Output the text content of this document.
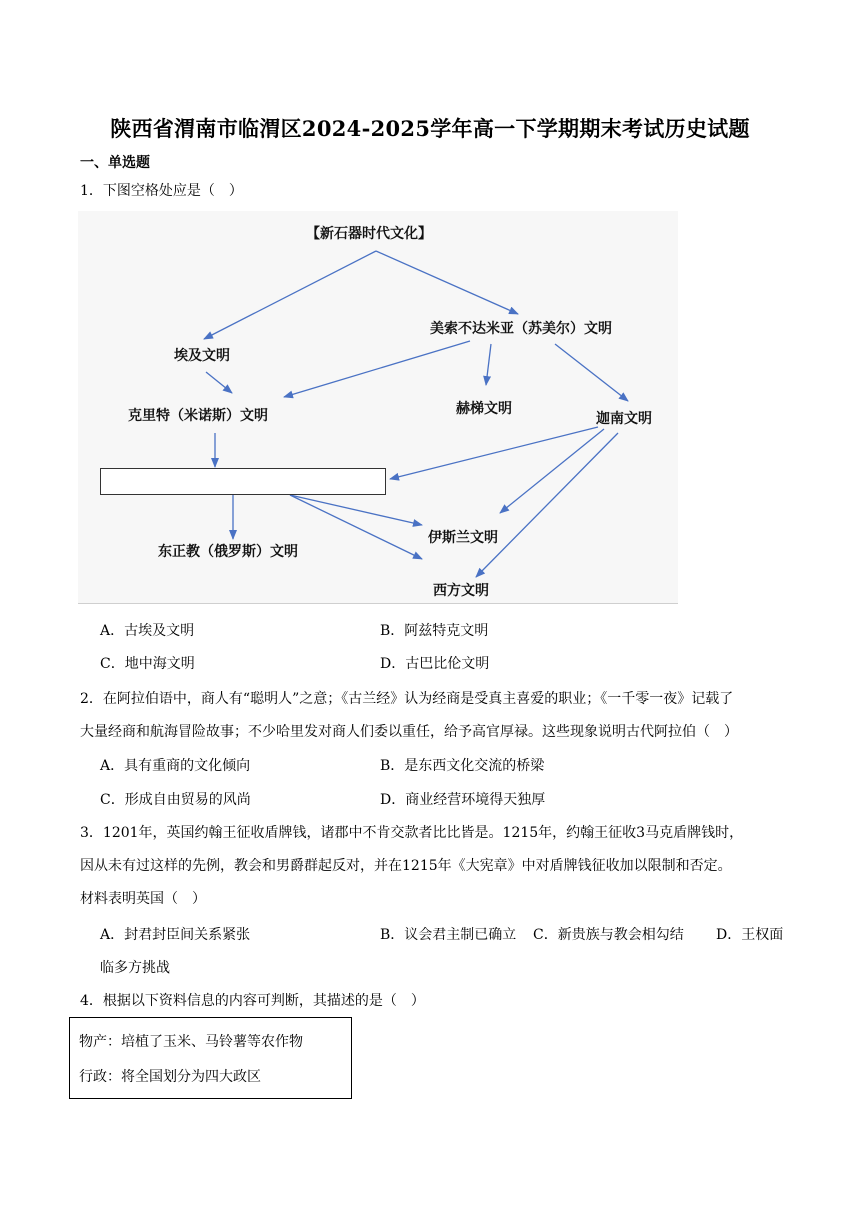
陕西省渭南市临渭区2024-2025学年高一下学期期末考试历史试题
一、单选题
1．下图空格处应是（　）
【新石器时代文化】
埃及文明
美索不达米亚（苏美尔）文明
克里特（米诺斯）文明	赫梯文明
迦南文明
东正教（俄罗斯）文明
伊斯兰文明
西方文明
A．古埃及文明	B．阿兹特克文明
C．地中海文明	D．古巴比伦文明
2．在阿拉伯语中，商人有“聪明人”之意；《古兰经》认为经商是受真主喜爱的职业；《一千零一夜》记载了
大量经商和航海冒险故事；不少哈里发对商人们委以重任，给予高官厚禄。这些现象说明古代阿拉伯（　）
A．具有重商的文化倾向	B．是东西文化交流的桥梁
C．形成自由贸易的风尚	D．商业经营环境得天独厚
3．1201年，英国约翰王征收盾牌钱，诸郡中不肯交款者比比皆是。1215年，约翰王征收3马克盾牌钱时，
因从未有过这样的先例，教会和男爵群起反对，并在1215年《大宪章》中对盾牌钱征收加以限制和否定。
材料表明英国（　）
A．封君封臣间关系紧张	B．议会君主制已确立 C．新贵族与教会相勾结 D．王权面
临多方挑战
4．根据以下资料信息的内容可判断，其描述的是（　）
物产：培植了玉米、马铃薯等农作物
行政：将全国划分为四大政区
